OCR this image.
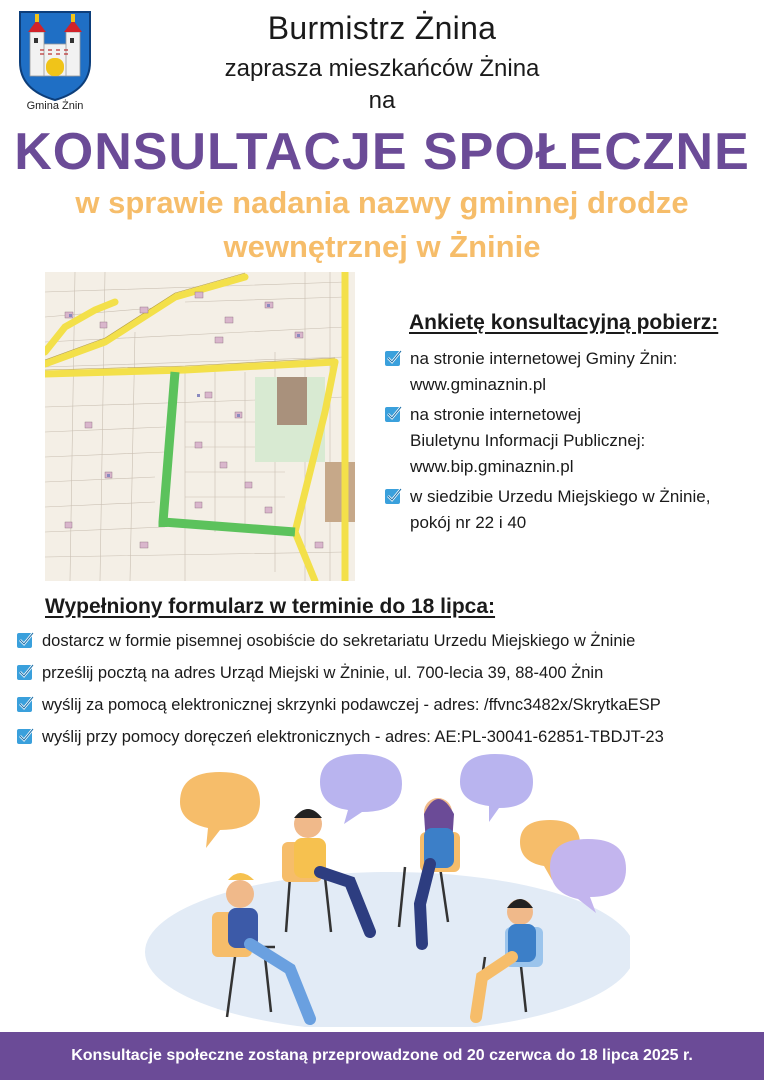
Gmina Żnin
Burmistrz Żnina
zaprasza mieszkańców Żnina
na
KONSULTACJE SPOŁECZNE
w sprawie nadania nazwy gminnej drodze
wewnętrznej w Żninie
Ankietę konsultacyjną pobierz:
na stronie internetowej Gminy Żnin:
www.gminaznin.pl
na stronie internetowej
Biuletynu Informacji Publicznej:
www.bip.gminaznin.pl
w siedzibie Urzedu Miejskiego w Żninie,
pokój nr 22 i 40
Wypełniony formularz w terminie do 18 lipca:
dostarcz w formie pisemnej osobiście do sekretariatu Urzedu Miejskiego w Żninie
prześlij pocztą na adres Urząd Miejski w Żninie, ul. 700-lecia 39, 88-400 Żnin
wyślij za pomocą elektronicznej skrzynki podawczej - adres: /ffvnc3482x/SkrytkaESP
wyślij przy pomocy doręczeń elektronicznych - adres: AE:PL-30041-62851-TBDJT-23
Konsultacje społeczne zostaną przeprowadzone od 20 czerwca do 18 lipca 2025 r.
